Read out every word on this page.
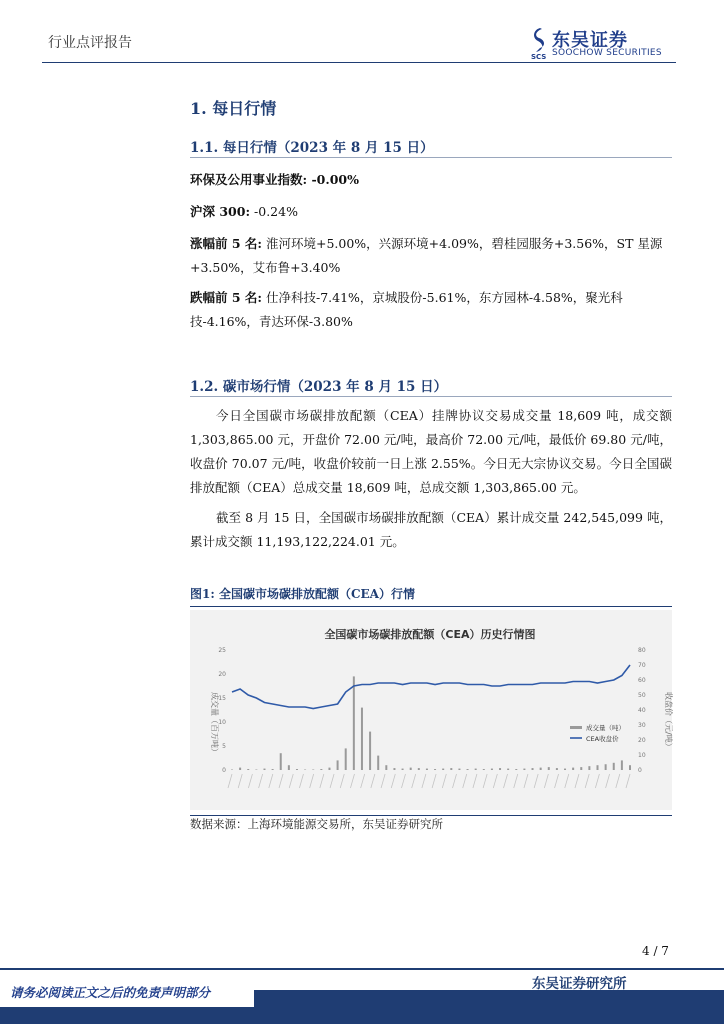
行业点评报告
SCS
东吴证券
SOOCHOW SECURITIES
1. 每日行情
1.1. 每日行情（2023 年 8 月 15 日）
环保及公用事业指数: -0.00%
沪深 300: -0.24%
涨幅前 5 名: 淮河环境+5.00%，兴源环境+4.09%，碧桂园服务+3.56%，ST 星源+3.50%，艾布鲁+3.40%
跌幅前 5 名: 仕净科技-7.41%，京城股份-5.61%，东方园林-4.58%，聚光科技-4.16%，青达环保-3.80%
1.2. 碳市场行情（2023 年 8 月 15 日）
今日全国碳市场碳排放配额（CEA）挂牌协议交易成交量 18,609 吨，成交额 1,303,865.00 元，开盘价 72.00 元/吨，最高价 72.00 元/吨，最低价 69.80 元/吨，收盘价 70.07 元/吨，收盘价较前一日上涨 2.55%。今日无大宗协议交易。今日全国碳排放配额（CEA）总成交量 18,609 吨，总成交额 1,303,865.00 元。
截至 8 月 15 日，全国碳市场碳排放配额（CEA）累计成交量 242,545,099 吨，累计成交额 11,193,122,224.01 元。
图1: 全国碳市场碳排放配额（CEA）行情
全国碳市场碳排放配额（CEA）历史行情图
25
20
15
10
5
0
80
70
60
50
40
30
20
10
0
成交量（百万吨）	收盘价（元/吨）
成交量（吨）
CEA收盘价
数据来源：上海环境能源交易所，东吴证券研究所
4 / 7
请务必阅读正文之后的免责声明部分
东吴证券研究所
